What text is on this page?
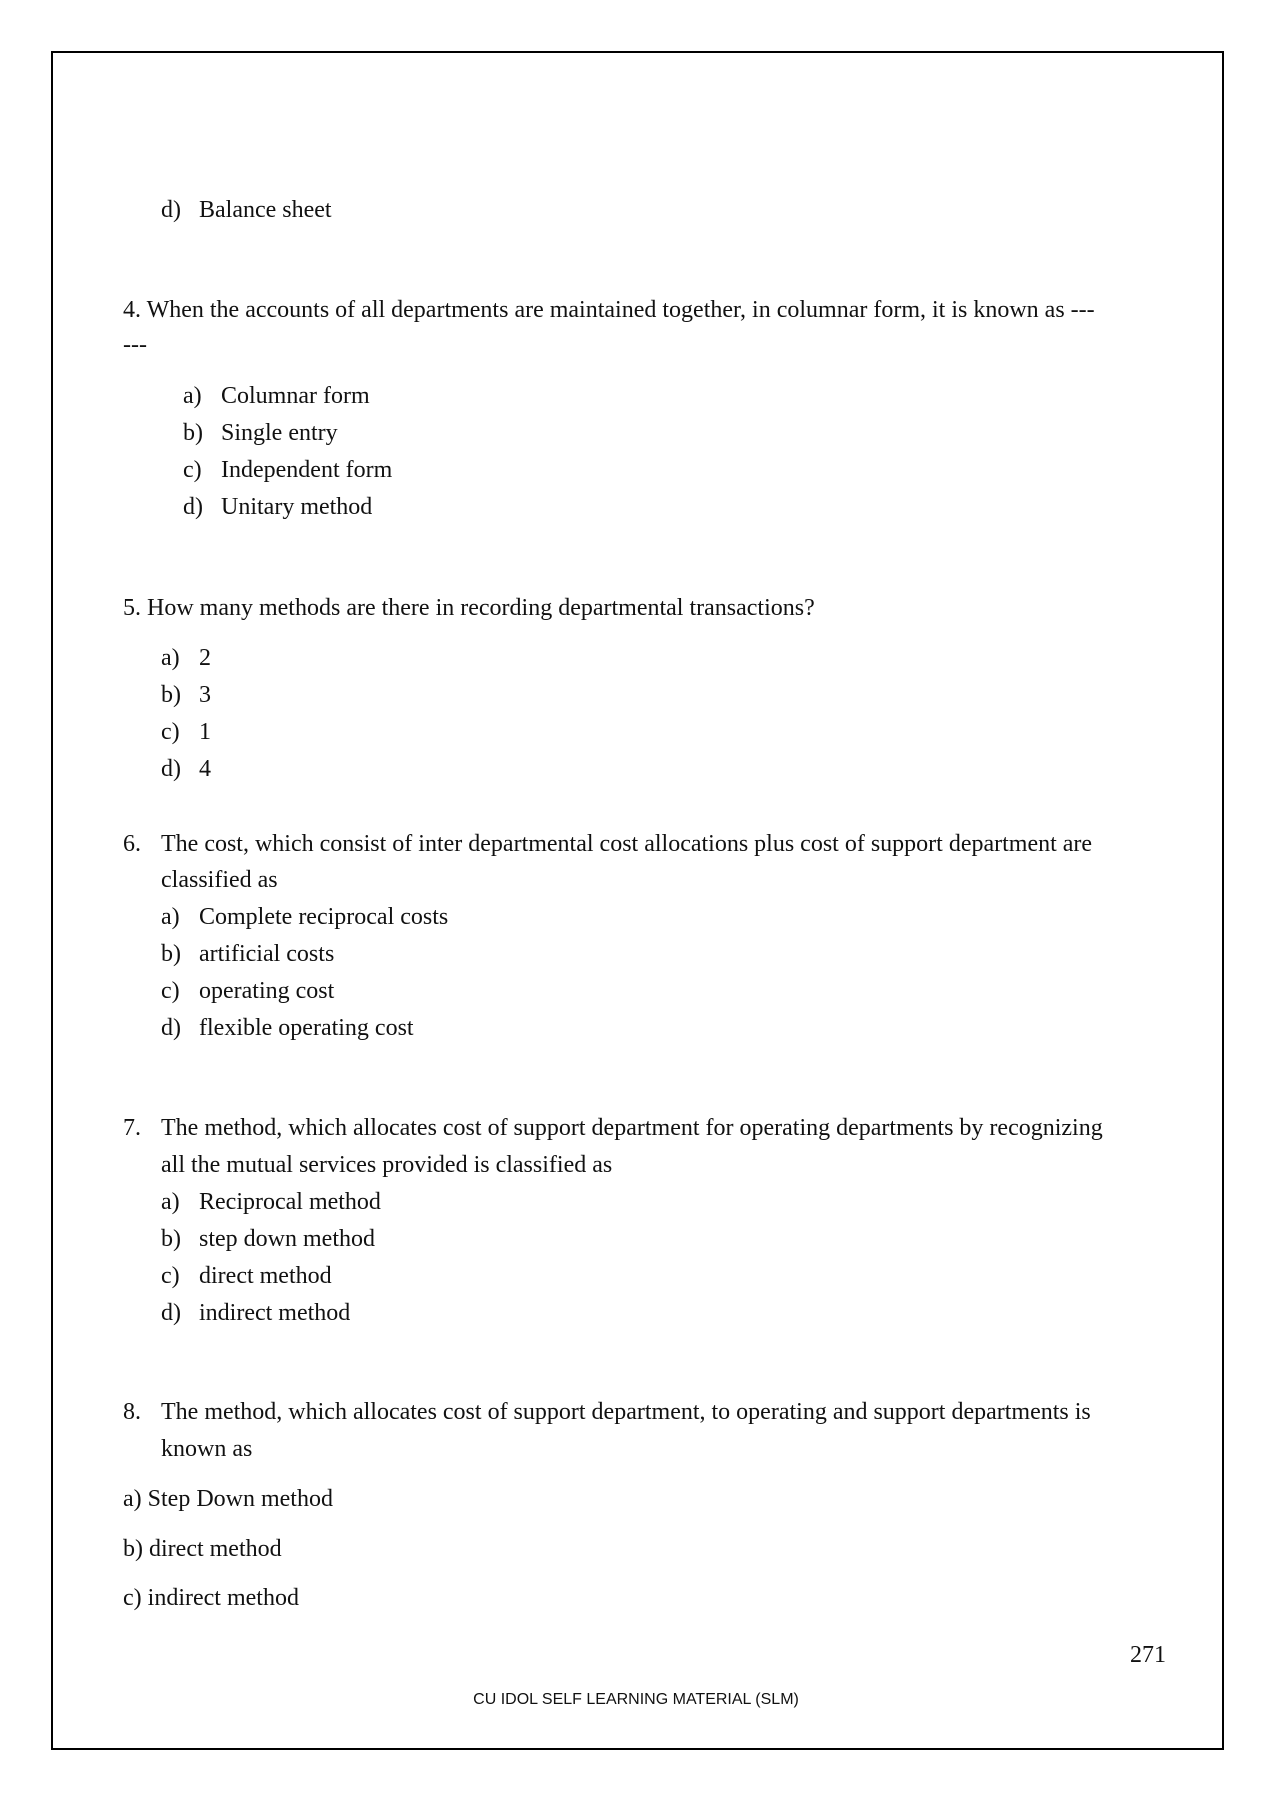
d) Balance sheet
4. When the accounts of all departments are maintained together, in columnar form, it is known as ---
---
a) Columnar form
b) Single entry
c) Independent form
d) Unitary method
5. How many methods are there in recording departmental transactions?
a) 2
b) 3
c) 1
d) 4
6. The cost, which consist of inter departmental cost allocations plus cost of support department are
classified as
a) Complete reciprocal costs
b) artificial costs
c) operating cost
d) flexible operating cost
7. The method, which allocates cost of support department for operating departments by recognizing
all the mutual services provided is classified as
a) Reciprocal method
b) step down method
c) direct method
d) indirect method
8. The method, which allocates cost of support department, to operating and support departments is
known as
a) Step Down method
b) direct method
c) indirect method
271
CU IDOL SELF LEARNING MATERIAL (SLM)
